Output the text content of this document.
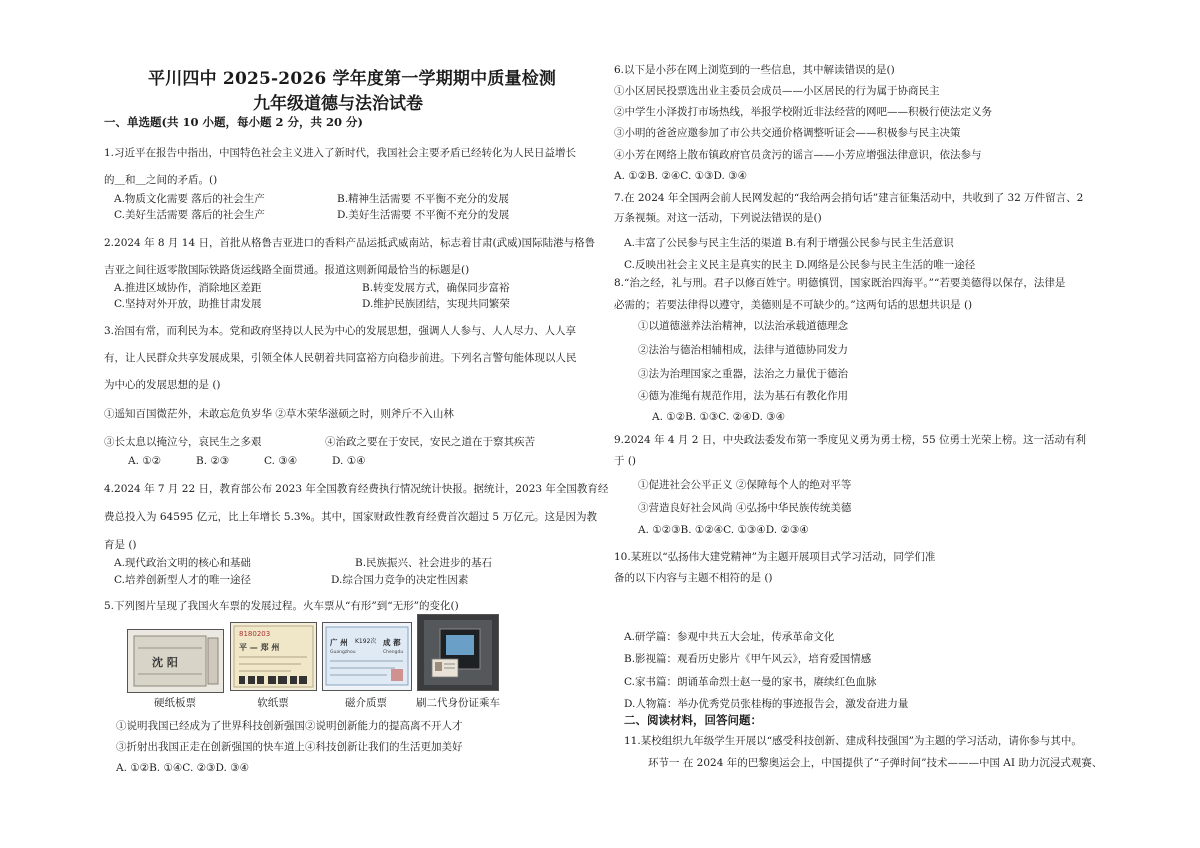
平川四中 2025-2026 学年度第一学期期中质量检测
九年级道德与法治试卷
一、单选题(共 10 小题，每小题 2 分，共 20 分)
1.习近平在报告中指出，中国特色社会主义进入了新时代，我国社会主要矛盾已经转化为人民日益增长
的＿和＿之间的矛盾。()
A.物质文化需要 落后的社会生产	B.精神生活需要 不平衡不充分的发展
C.美好生活需要 落后的社会生产	D.美好生活需要 不平衡不充分的发展
2.2024 年 8 月 14 日，首批从格鲁吉亚进口的香料产品运抵武威南站，标志着甘肃(武威)国际陆港与格鲁
吉亚之间往返零散国际铁路货运线路全面贯通。报道这则新闻最恰当的标题是()
A.推进区域协作，消除地区差距	B.转变发展方式，确保同步富裕
C.坚持对外开放，助推甘肃发展	D.维护民族团结，实现共同繁荣
3.治国有常，而利民为本。党和政府坚持以人民为中心的发展思想，强调人人参与、人人尽力、人人享
有，让人民群众共享发展成果，引领全体人民朝着共同富裕方向稳步前进。下列名言警句能体现以人民
为中心的发展思想的是 ()
①遥知百国微茫外，未敢忘危负岁华 ②草木荣华滋硕之时，则斧斤不入山林
③长太息以掩泣兮，哀民生之多艰	④治政之要在于安民，安民之道在于察其疾苦
A. ①②	B. ②③	C. ③④	D. ①④
4.2024 年 7 月 22 日，教育部公布 2023 年全国教育经费执行情况统计快报。据统计，2023 年全国教育经
费总投入为 64595 亿元，比上年增长 5.3%。其中，国家财政性教育经费首次超过 5 万亿元。这是因为教
育是 ()
A.现代政治文明的核心和基础	B.民族振兴、社会进步的基石
C.培养创新型人才的唯一途径	D.综合国力竞争的决定性因素
5.下列图片呈现了我国火车票的发展过程。火车票从“有形”到“无形”的变化()
沈 阳
8180203
平 — 郑 州
广 州 K192次 成 都
Guangzhou	Chengdu
硬纸板票	软纸票	磁介质票	刷二代身份证乘车
①说明我国已经成为了世界科技创新强国②说明创新能力的提高离不开人才
③折射出我国正走在创新强国的快车道上④科技创新让我们的生活更加美好
A. ①②B. ①④C. ②③D. ③④
6.以下是小莎在网上浏览到的一些信息，其中解读错误的是()
①小区居民投票选出业主委员会成员——小区居民的行为属于协商民主
②中学生小泽拨打市场热线，举报学校附近非法经营的网吧——积极行使法定义务
③小明的爸爸应邀参加了市公共交通价格调整听证会——积极参与民主决策
④小芳在网络上散布镇政府官员贪污的谣言——小芳应增强法律意识，依法参与
A. ①②B. ②④C. ①③D. ③④
7.在 2024 年全国两会前人民网发起的“我给两会捎句话”建言征集活动中，共收到了 32 万件留言、2
万条视频。对这一活动，下列说法错误的是()
A.丰富了公民参与民主生活的渠道 B.有利于增强公民参与民主生活意识
C.反映出社会主义民主是真实的民主 D.网络是公民参与民主生活的唯一途径
8.“治之经，礼与刑。君子以修百姓宁。明德慎罚，国家既治四海平。”“若要美德得以保存，法律是
必需的；若要法律得以遵守，美德则是不可缺少的。”这两句话的思想共识是 ()
①以道德滋养法治精神，以法治承载道德理念
②法治与德治相辅相成，法律与道德协同发力
③法为治理国家之重器，法治之力量优于德治
④德为准绳有规范作用，法为基石有教化作用
A. ①②B. ①③C. ②④D. ③④
9.2024 年 4 月 2 日，中央政法委发布第一季度见义勇为勇士榜，55 位勇士光荣上榜。这一活动有利
于 ()
①促进社会公平正义 ②保障每个人的绝对平等
③营造良好社会风尚 ④弘扬中华民族传统美德
A. ①②③B. ①②④C. ①③④D. ②③④
10.某班以“弘扬伟大建党精神”为主题开展项目式学习活动，同学们准
备的以下内容与主题不相符的是 ()
A.研学篇：参观中共五大会址，传承革命文化
B.影视篇：观看历史影片《甲午风云》，培育爱国情感
C.家书篇：朗诵革命烈士赵一曼的家书，赓续红色血脉
D.人物篇：举办优秀党员张桂梅的事迹报告会，激发奋进力量
二、阅读材料，回答问题：
11.某校组织九年级学生开展以“感受科技创新、建成科技强国”为主题的学习活动，请你参与其中。
环节一 在 2024 年的巴黎奥运会上，中国提供了“子弹时间”技术———中国 AI 助力沉浸式观赛、
